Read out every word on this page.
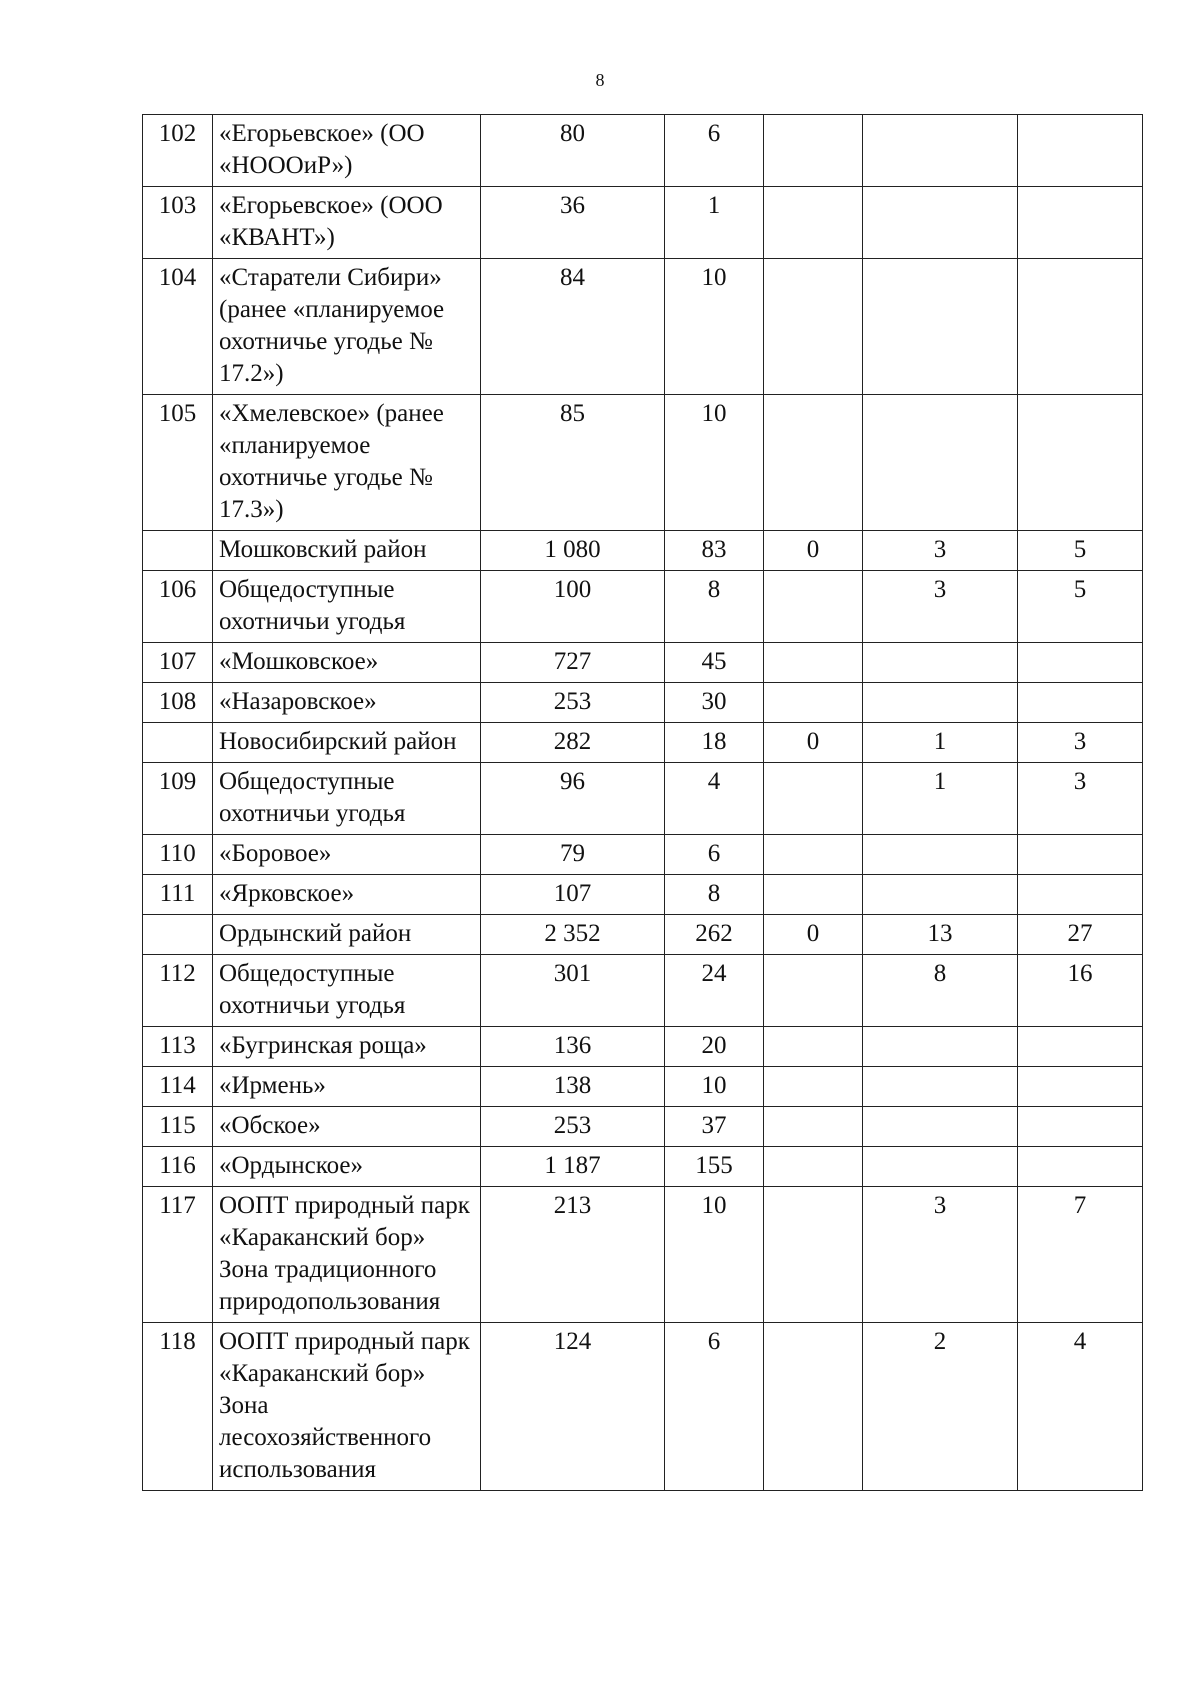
8
102	«Егорьевское» (ОО «НОООиР»)	80	6			
103	«Егорьевское» (ООО «КВАНТ»)	36	1			
104	«Старатели Сибири» (ранее «планируемое охотничье угодье № 17.2»)	84	10			
105	«Хмелевское» (ранее «планируемое охотничье угодье № 17.3»)	85	10			
	Мошковский район	1 080	83	0	3	5
106	Общедоступные охотничьи угодья	100	8		3	5
107	«Мошковское»	727	45			
108	«Назаровское»	253	30			
	Новосибирский район	282	18	0	1	3
109	Общедоступные охотничьи угодья	96	4		1	3
110	«Боровое»	79	6			
111	«Ярковское»	107	8			
	Ордынский район	2 352	262	0	13	27
112	Общедоступные охотничьи угодья	301	24		8	16
113	«Бугринская роща»	136	20			
114	«Ирмень»	138	10			
115	«Обское»	253	37			
116	«Ордынское»	1 187	155			
117	ООПТ природный парк «Караканский бор» Зона традиционного природопользования	213	10		3	7
118	ООПТ природный парк «Караканский бор» Зона лесохозяйственного использования	124	6		2	4
